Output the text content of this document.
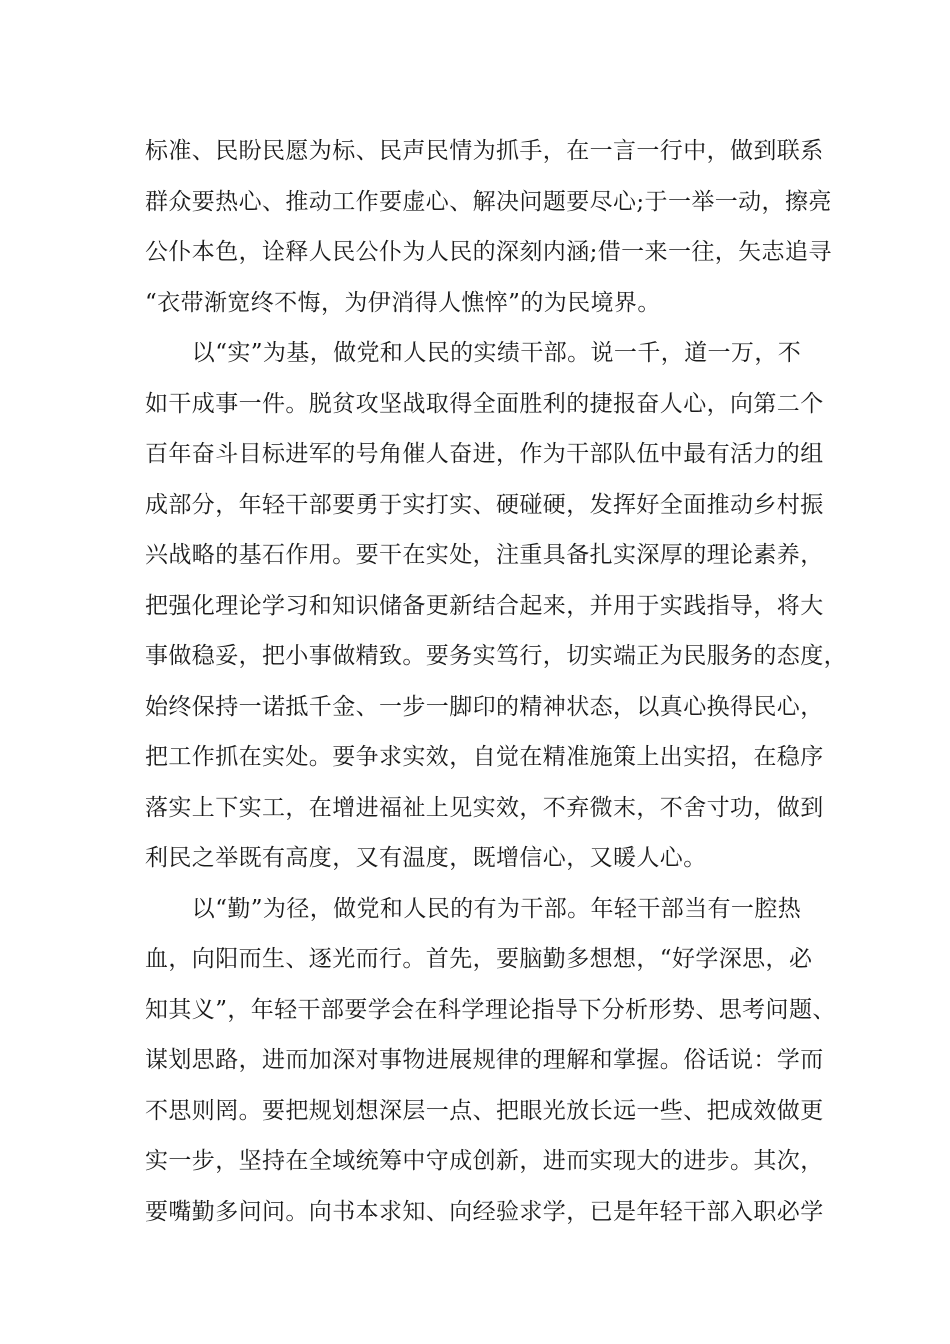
标准、民盼民愿为标、民声民情为抓手，在一言一行中，做到联系
群众要热心、推动工作要虚心、解决问题要尽心;于一举一动，擦亮
公仆本色，诠释人民公仆为人民的深刻内涵;借一来一往，矢志追寻
“衣带渐宽终不悔，为伊消得人憔悴”的为民境界。
　　以“实”为基，做党和人民的实绩干部。说一千，道一万，不
如干成事一件。脱贫攻坚战取得全面胜利的捷报奋人心，向第二个
百年奋斗目标进军的号角催人奋进，作为干部队伍中最有活力的组
成部分，年轻干部要勇于实打实、硬碰硬，发挥好全面推动乡村振
兴战略的基石作用。要干在实处，注重具备扎实深厚的理论素养，
把强化理论学习和知识储备更新结合起来，并用于实践指导，将大
事做稳妥，把小事做精致。要务实笃行，切实端正为民服务的态度，
始终保持一诺抵千金、一步一脚印的精神状态，以真心换得民心，
把工作抓在实处。要争求实效，自觉在精准施策上出实招，在稳序
落实上下实工，在增进福祉上见实效，不弃微末，不舍寸功，做到
利民之举既有高度，又有温度，既增信心，又暖人心。
　　以“勤”为径，做党和人民的有为干部。年轻干部当有一腔热
血，向阳而生、逐光而行。首先，要脑勤多想想，“好学深思，必
知其义”，年轻干部要学会在科学理论指导下分析形势、思考问题、
谋划思路，进而加深对事物进展规律的理解和掌握。俗话说：学而
不思则罔。要把规划想深层一点、把眼光放长远一些、把成效做更
实一步，坚持在全域统筹中守成创新，进而实现大的进步。其次，
要嘴勤多问问。向书本求知、向经验求学，已是年轻干部入职必学
